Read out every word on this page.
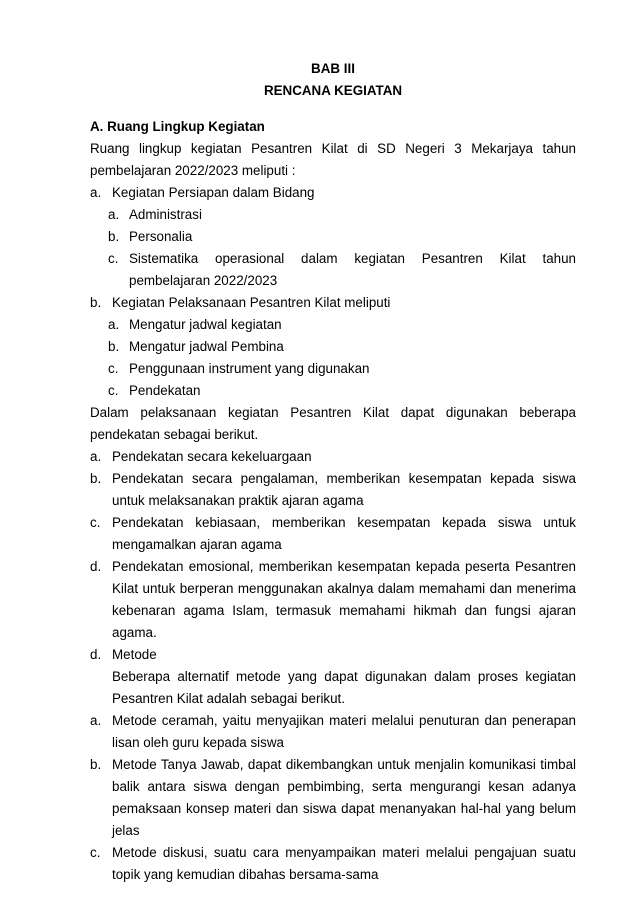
BAB III
RENCANA KEGIATAN
A. Ruang Lingkup Kegiatan

Ruang lingkup kegiatan Pesantren Kilat di SD Negeri 3 Mekarjaya tahun pembelajaran 2022/2023 meliputi :

a. Kegiatan Persiapan dalam Bidang
a. Administrasi
b. Personalia
c. Sistematika operasional dalam kegiatan Pesantren Kilat tahun pembelajaran 2022/2023
b. Kegiatan Pelaksanaan Pesantren Kilat meliputi
a. Mengatur jadwal kegiatan
b. Mengatur jadwal Pembina
c. Penggunaan instrument yang digunakan
c. Pendekatan

Dalam pelaksanaan kegiatan Pesantren Kilat dapat digunakan beberapa pendekatan sebagai berikut.

a. Pendekatan secara kekeluargaan
b. Pendekatan secara pengalaman, memberikan kesempatan kepada siswa untuk melaksanakan praktik ajaran agama
c. Pendekatan kebiasaan, memberikan kesempatan kepada siswa untuk mengamalkan ajaran agama
d. Pendekatan emosional, memberikan kesempatan kepada peserta Pesantren Kilat untuk berperan menggunakan akalnya dalam memahami dan menerima kebenaran agama Islam, termasuk memahami hikmah dan fungsi ajaran agama.
d. Metode

Beberapa alternatif metode yang dapat digunakan dalam proses kegiatan Pesantren Kilat adalah sebagai berikut.

a. Metode ceramah, yaitu menyajikan materi melalui penuturan dan penerapan lisan oleh guru kepada siswa
b. Metode Tanya Jawab, dapat dikembangkan untuk menjalin komunikasi timbal balik antara siswa dengan pembimbing, serta mengurangi kesan adanya pemaksaan konsep materi dan siswa dapat menanyakan hal-hal yang belum jelas
c. Metode diskusi, suatu cara menyampaikan materi melalui pengajuan suatu topik yang kemudian dibahas bersama-sama
